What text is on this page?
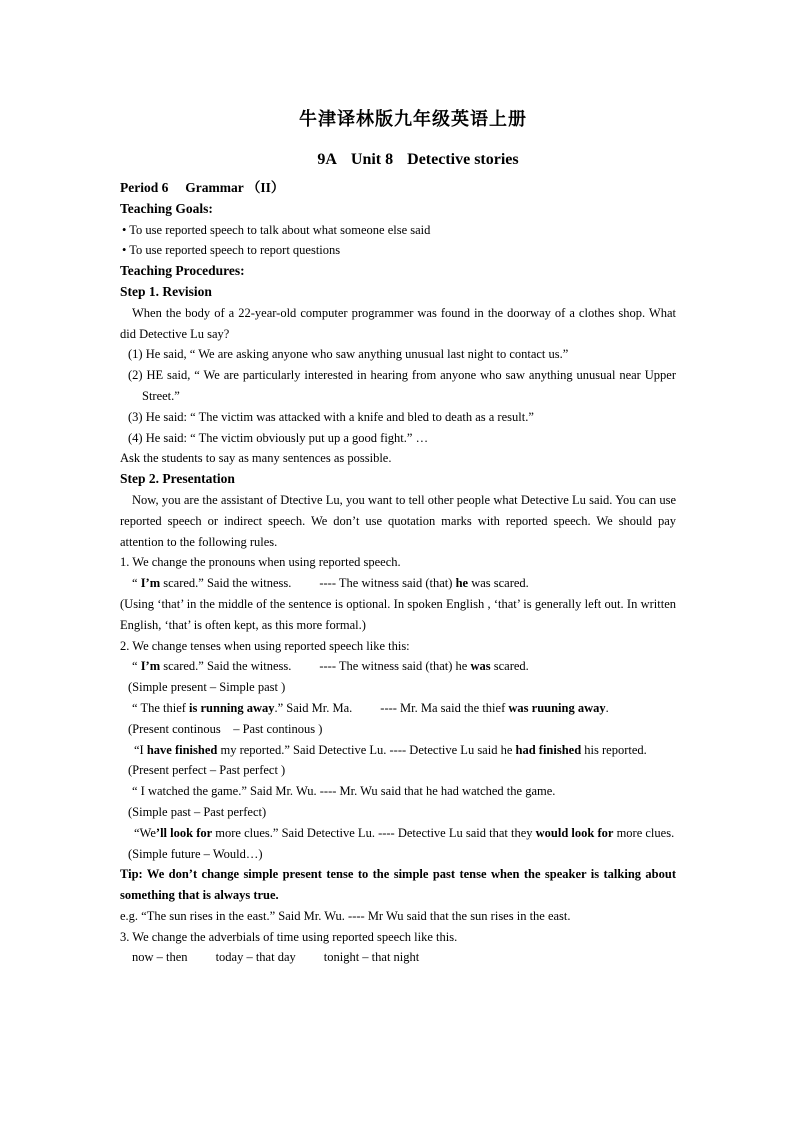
牛津译林版九年级英语上册
9A Unit 8 Detective stories
Period 6　 Grammar （II）
Teaching Goals:
• To use reported speech to talk about what someone else said
• To use reported speech to report questions
Teaching Procedures:
Step 1. Revision
When the body of a 22-year-old computer programmer was found in the doorway of a clothes shop. What did Detective Lu say?
(1) He said, “ We are asking anyone who saw anything unusual last night to contact us.”
(2) HE said, “ We are particularly interested in hearing from anyone who saw anything unusual near Upper Street.”
(3) He said: “ The victim was attacked with a knife and bled to death as a result.”
(4) He said: “ The victim obviously put up a good fight.” …
Ask the students to say as many sentences as possible.
Step 2. Presentation
Now, you are the assistant of Dtective Lu, you want to tell other people what Detective Lu said. You can use reported speech or indirect speech. We don’t use quotation marks with reported speech. We should pay attention to the following rules.
1. We change the pronouns when using reported speech.
“ I’m scared.” Said the witness. ---- The witness said (that) he was scared.
(Using ‘that’ in the middle of the sentence is optional. In spoken English , ‘that’ is generally left out. In written English, ‘that’ is often kept, as this more formal.)
2. We change tenses when using reported speech like this:
“ I’m scared.” Said the witness. ---- The witness said (that) he was scared.
(Simple present – Simple past )
“ The thief is running away.” Said Mr. Ma. ---- Mr. Ma said the thief was ruuning away.
(Present continous　– Past continous )
“I have finished my reported.” Said Detective Lu. ---- Detective Lu said he had finished his reported.
(Present perfect – Past perfect )
“ I watched the game.” Said Mr. Wu. ---- Mr. Wu said that he had watched the game.
(Simple past – Past perfect)
“We’ll look for more clues.” Said Detective Lu. ---- Detective Lu said that they would look for more clues.
(Simple future – Would…)
Tip: We don’t change simple present tense to the simple past tense when the speaker is talking about something that is always true.
e.g. “The sun rises in the east.” Said Mr. Wu. ---- Mr Wu said that the sun rises in the east.
3. We change the adverbials of time using reported speech like this.
now – then today – that day tonight – that night
